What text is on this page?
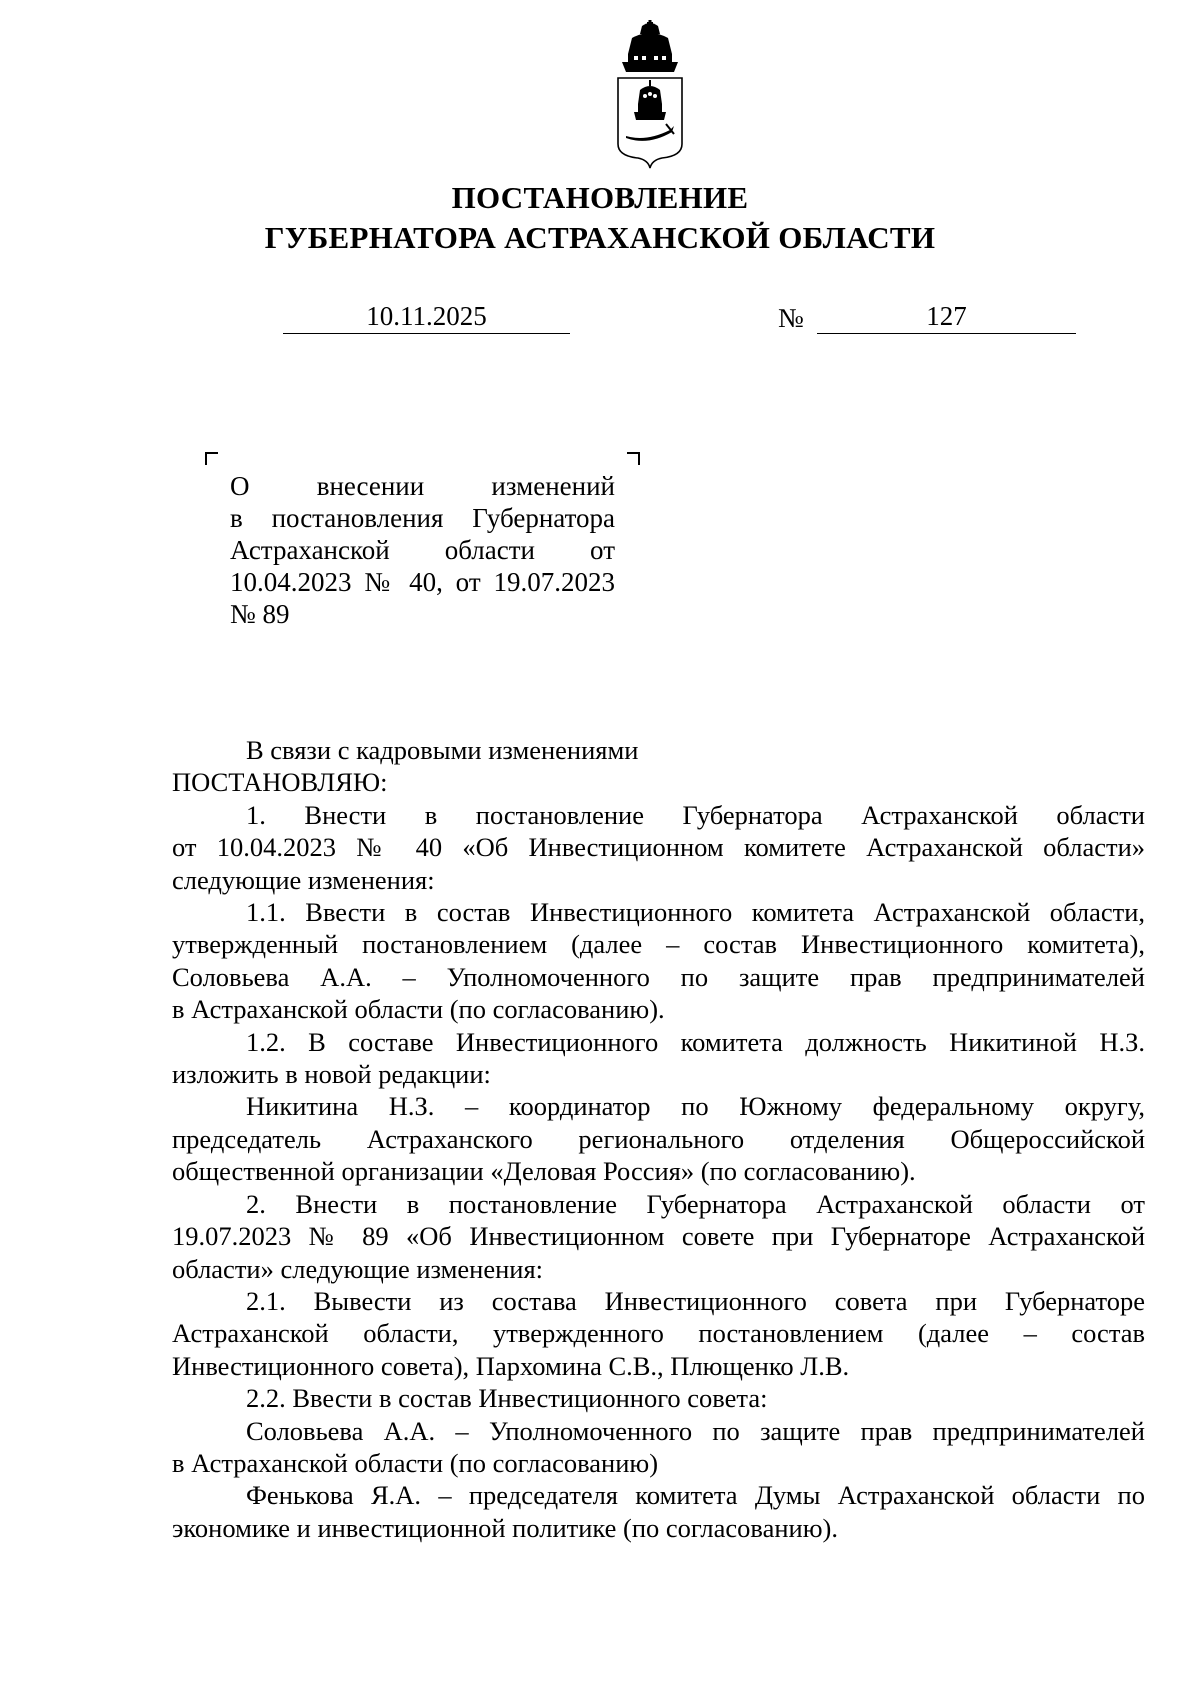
ПОСТАНОВЛЕНИЕ
ГУБЕРНАТОРА АСТРАХАНСКОЙ ОБЛАСТИ
10.11.2025	№	127
О внесении изменений
в постановления Губернатора
Астраханской области от
10.04.2023 № 40, от 19.07.2023
№ 89

В связи с кадровыми изменениями

ПОСТАНОВЛЯЮ:

1. Внести в постановление Губернатора Астраханской области

от 10.04.2023 № 40 «Об Инвестиционном комитете Астраханской области»

следующие изменения:

1.1. Ввести в состав Инвестиционного комитета Астраханской области,

утвержденный постановлением (далее – состав Инвестиционного комитета),

Соловьева А.А. – Уполномоченного по защите прав предпринимателей

в Астраханской области (по согласованию).

1.2. В составе Инвестиционного комитета должность Никитиной Н.З.

изложить в новой редакции:

Никитина Н.З. – координатор по Южному федеральному округу,

председатель Астраханского регионального отделения Общероссийской

общественной организации «Деловая Россия» (по согласованию).

2. Внести в постановление Губернатора Астраханской области от

19.07.2023 № 89 «Об Инвестиционном совете при Губернаторе Астраханской

области» следующие изменения:

2.1. Вывести из состава Инвестиционного совета при Губернаторе

Астраханской области, утвержденного постановлением (далее – состав

Инвестиционного совета), Пархомина С.В., Плющенко Л.В.

2.2. Ввести в состав Инвестиционного совета:

Соловьева А.А. – Уполномоченного по защите прав предпринимателей

в Астраханской области (по согласованию)

Фенькова Я.А. – председателя комитета Думы Астраханской области по

экономике и инвестиционной политике (по согласованию).
